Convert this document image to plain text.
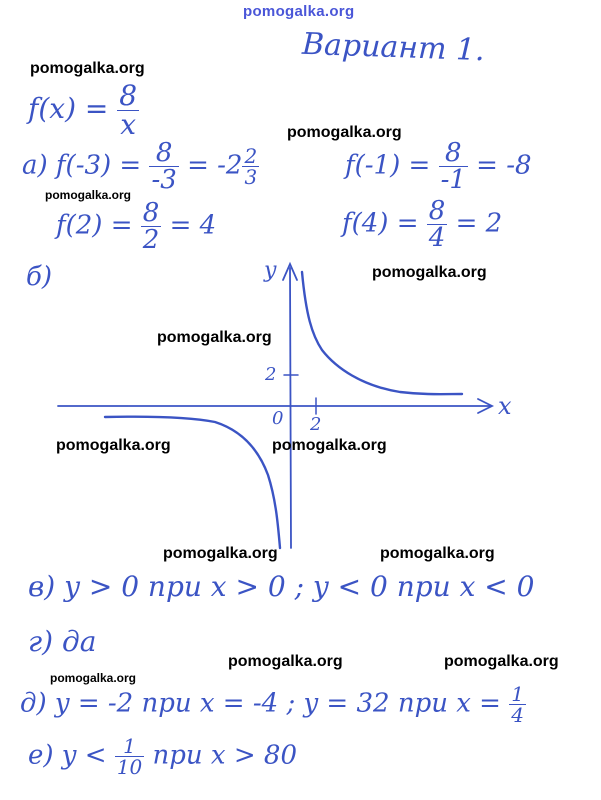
pomogalka.org
Вариант 1.
pomogalka.org
$f(x) = \frac{8}{x}$	pomogalka.org
а) $f(-3) = \frac{8}{-3} = -2 \frac{2}{3}$	$f(-1) = \frac{8}{-1} = -8$
pomogalka.org
$f(2) = \frac{8}{2} = 4$	$f(4) = \frac{8}{4} = 2$
б)	pomogalka.org
y
x
0 2
2
pomogalka.org
pomogalka.org	pomogalka.org
pomogalka.org	pomogalka.org
в) y > 0 при x > 0 ; y < 0 при x < 0
г) да
pomogalka.org	pomogalka.org
pomogalka.org
д) y = -2 при x = -4 ; y = 32 при $x = \frac{1}{4}$
е) $y < \frac{1}{10}$ при x > 80
